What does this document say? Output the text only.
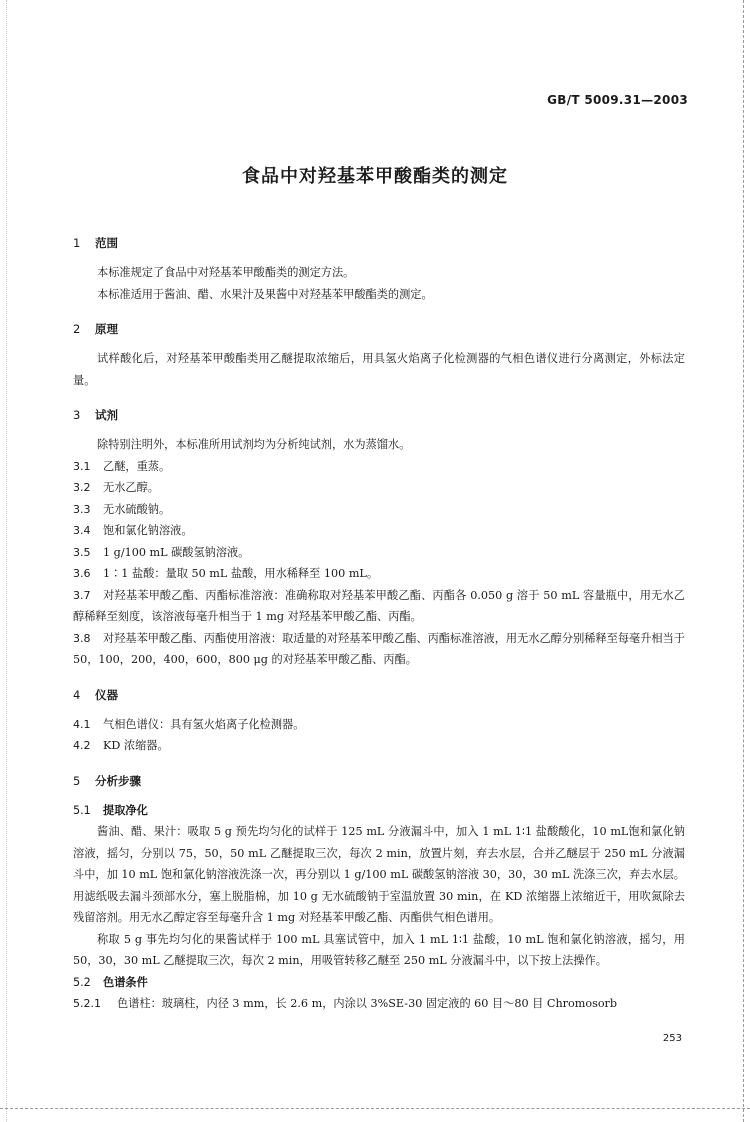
GB/T 5009.31—2003
食品中对羟基苯甲酸酯类的测定
1 范围

本标准规定了食品中对羟基苯甲酸酯类的测定方法。

本标准适用于酱油、醋、水果汁及果酱中对羟基苯甲酸酯类的测定。

2 原理

试样酸化后，对羟基苯甲酸酯类用乙醚提取浓缩后，用具氢火焰离子化检测器的气相色谱仪进行分离测定，外标法定量。

3 试剂

除特别注明外，本标准所用试剂均为分析纯试剂，水为蒸馏水。

3.1 乙醚，重蒸。

3.2 无水乙醇。

3.3 无水硫酸钠。

3.4 饱和氯化钠溶液。

3.5 1 g/100 mL 碳酸氢钠溶液。

3.6 1∶1 盐酸：量取 50 mL 盐酸，用水稀释至 100 mL。

3.7 对羟基苯甲酸乙酯、丙酯标准溶液：准确称取对羟基苯甲酸乙酯、丙酯各 0.050 g 溶于 50 mL 容量瓶中，用无水乙醇稀释至刻度，该溶液每毫升相当于 1 mg 对羟基苯甲酸乙酯、丙酯。

3.8 对羟基苯甲酸乙酯、丙酯使用溶液：取适量的对羟基苯甲酸乙酯、丙酯标准溶液，用无水乙醇分别稀释至每毫升相当于 50，100，200，400，600，800 μg 的对羟基苯甲酸乙酯、丙酯。

4 仪器

4.1 气相色谱仪：具有氢火焰离子化检测器。

4.2 KD 浓缩器。

5 分析步骤

5.1 提取净化

酱油、醋、果汁：吸取 5 g 预先均匀化的试样于 125 mL 分液漏斗中，加入 1 mL 1∶1 盐酸酸化，10 mL饱和氯化钠溶液，摇匀，分别以 75，50，50 mL 乙醚提取三次，每次 2 min，放置片刻，弃去水层，合并乙醚层于 250 mL 分液漏斗中，加 10 mL 饱和氯化钠溶液洗涤一次，再分别以 1 g/100 mL 碳酸氢钠溶液 30，30，30 mL 洗涤三次，弃去水层。用滤纸吸去漏斗颈部水分，塞上脱脂棉，加 10 g 无水硫酸钠于室温放置 30 min，在 KD 浓缩器上浓缩近干，用吹氮除去残留溶剂。用无水乙醇定容至每毫升含 1 mg 对羟基苯甲酸乙酯、丙酯供气相色谱用。

称取 5 g 事先均匀化的果酱试样于 100 mL 具塞试管中，加入 1 mL 1∶1 盐酸，10 mL 饱和氯化钠溶液，摇匀，用 50，30，30 mL 乙醚提取三次，每次 2 min，用吸管转移乙醚至 250 mL 分液漏斗中，以下按上法操作。

5.2 色谱条件

5.2.1 色谱柱：玻璃柱，内径 3 mm，长 2.6 m，内涂以 3%SE-30 固定液的 60 目～80 目 Chromosorb

253
